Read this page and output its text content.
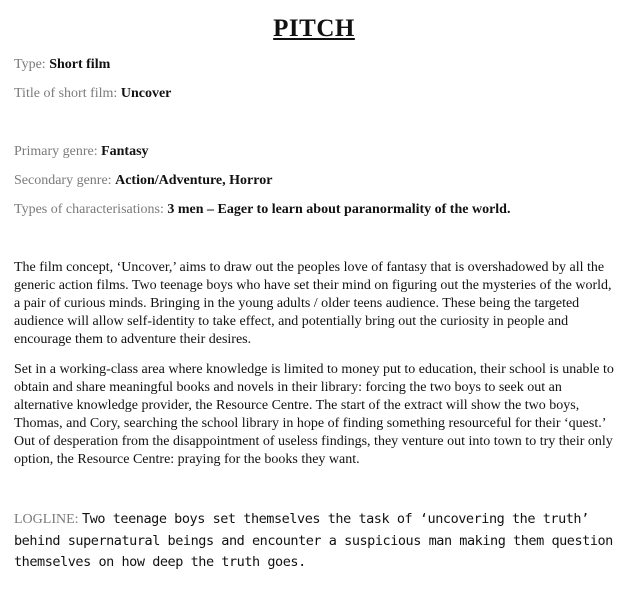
PITCH
Type: Short film
Title of short film: Uncover
Primary genre: Fantasy
Secondary genre: Action/Adventure, Horror
Types of characterisations: 3 men – Eager to learn about paranormality of the world.

The film concept, ‘Uncover,’ aims to draw out the peoples love of fantasy that is overshadowed by all the generic action films. Two teenage boys who have set their mind on figuring out the mysteries of the world, a pair of curious minds. Bringing in the young adults / older teens audience. These being the targeted audience will allow self-identity to take effect, and potentially bring out the curiosity in people and encourage them to adventure their desires.

Set in a working-class area where knowledge is limited to money put to education, their school is unable to obtain and share meaningful books and novels in their library: forcing the two boys to seek out an alternative knowledge provider, the Resource Centre. The start of the extract will show the two boys, Thomas, and Cory, searching the school library in hope of finding something resourceful for their ‘quest.’ Out of desperation from the disappointment of useless findings, they venture out into town to try their only option, the Resource Centre: praying for the books they want.

LOGLINE: Two teenage boys set themselves the task of ‘uncovering the truth’ behind supernatural beings and encounter a suspicious man making them question themselves on how deep the truth goes.
